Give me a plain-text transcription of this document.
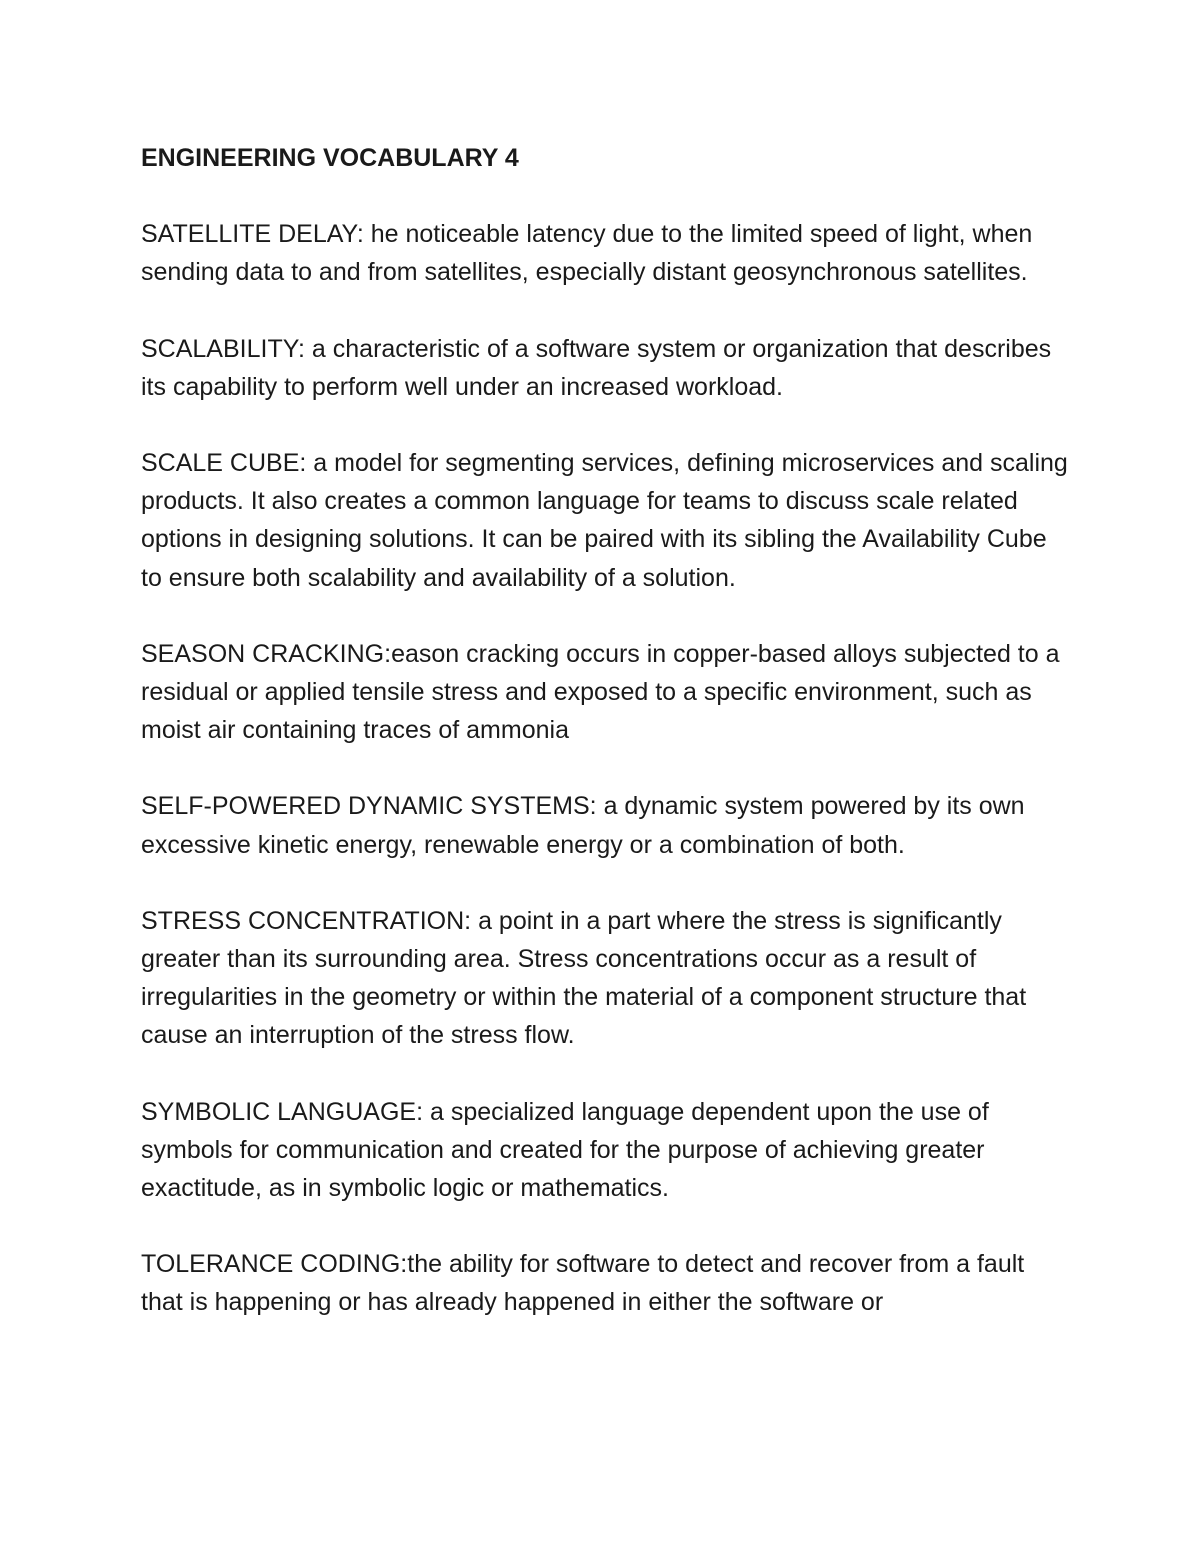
ENGINEERING VOCABULARY 4

SATELLITE DELAY: he noticeable latency due to the limited speed of light, when sending data to and from satellites, especially distant geosynchronous satellites.

SCALABILITY: a characteristic of a software system or organization that describes its capability to perform well under an increased workload.

SCALE CUBE: a model for segmenting services, defining microservices and scaling products. It also creates a common language for teams to discuss scale related options in designing solutions. It can be paired with its sibling the Availability Cube to ensure both scalability and availability of a solution.

SEASON CRACKING:eason cracking occurs in copper-based alloys subjected to a residual or applied tensile stress and exposed to a specific environment, such as moist air containing traces of ammonia

SELF-POWERED DYNAMIC SYSTEMS: a dynamic system powered by its own excessive kinetic energy, renewable energy or a combination of both.

STRESS CONCENTRATION: a point in a part where the stress is significantly greater than its surrounding area. Stress concentrations occur as a result of irregularities in the geometry or within the material of a component structure that cause an interruption of the stress flow.

SYMBOLIC LANGUAGE: a specialized language dependent upon the use of symbols for communication and created for the purpose of achieving greater exactitude, as in symbolic logic or mathematics.

TOLERANCE CODING:the ability for software to detect and recover from a fault that is happening or has already happened in either the software or
